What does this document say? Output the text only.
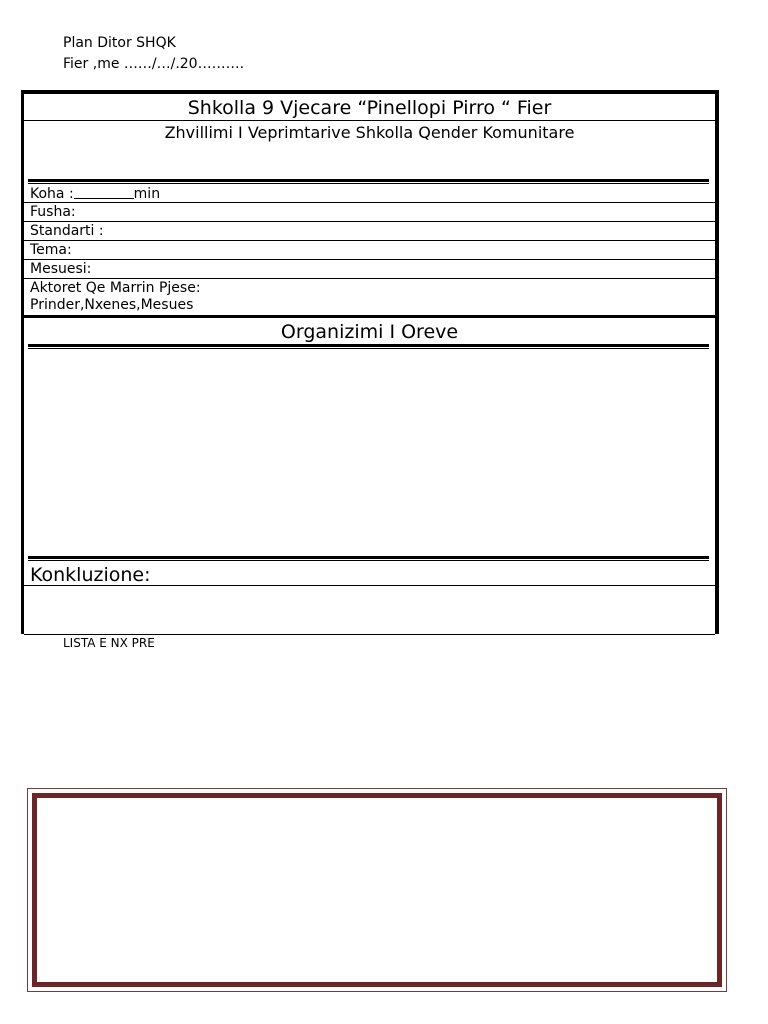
Plan Ditor SHQK
Fier ,me ……/…/.20……….
Shkolla 9 Vjecare “Pinellopi Pirro “ Fier
Zhvillimi I Veprimtarive Shkolla Qender Komunitare
Koha :	min
Fusha:
Standarti :
Tema:
Mesuesi:
Aktoret Qe Marrin Pjese:
Prinder,Nxenes,Mesues
Organizimi I Oreve
Konkluzione:
LISTA E NX PRE
